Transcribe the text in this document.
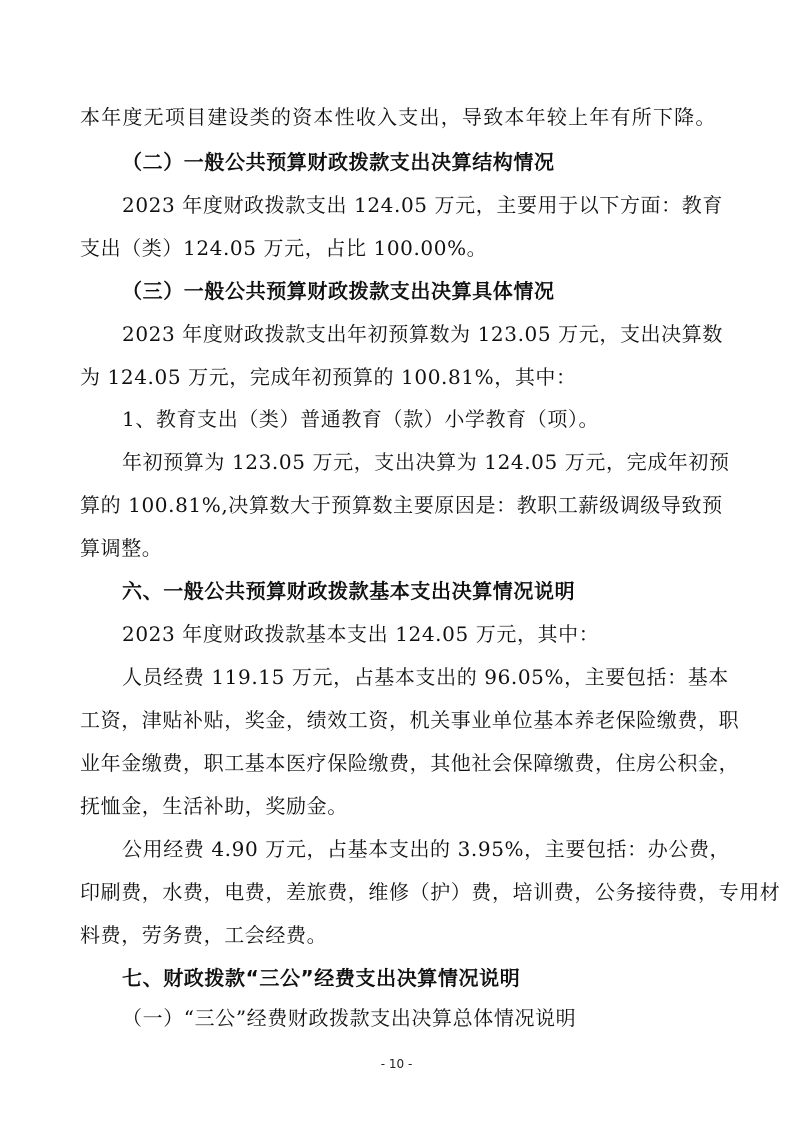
本年度无项目建设类的资本性收入支出，导致本年较上年有所下降。
（二）一般公共预算财政拨款支出决算结构情况
2023 年度财政拨款支出 124.05 万元，主要用于以下方面：教育
支出（类）124.05 万元，占比 100.00%。
（三）一般公共预算财政拨款支出决算具体情况
2023 年度财政拨款支出年初预算数为 123.05 万元，支出决算数
为 124.05 万元，完成年初预算的 100.81%，其中：
1、教育支出（类）普通教育（款）小学教育（项）。
年初预算为 123.05 万元，支出决算为 124.05 万元，完成年初预
算的 100.81%,决算数大于预算数主要原因是：教职工薪级调级导致预
算调整。
六、一般公共预算财政拨款基本支出决算情况说明
2023 年度财政拨款基本支出 124.05 万元，其中：
人员经费 119.15 万元，占基本支出的 96.05%，主要包括：基本
工资，津贴补贴，奖金，绩效工资，机关事业单位基本养老保险缴费，职
业年金缴费，职工基本医疗保险缴费，其他社会保障缴费，住房公积金，
抚恤金，生活补助，奖励金。
公用经费 4.90 万元，占基本支出的 3.95%，主要包括：办公费，
印刷费，水费，电费，差旅费，维修（护）费，培训费，公务接待费，专用材
料费，劳务费，工会经费。
七、财政拨款“三公”经费支出决算情况说明
（一）“三公”经费财政拨款支出决算总体情况说明
- 10 -
